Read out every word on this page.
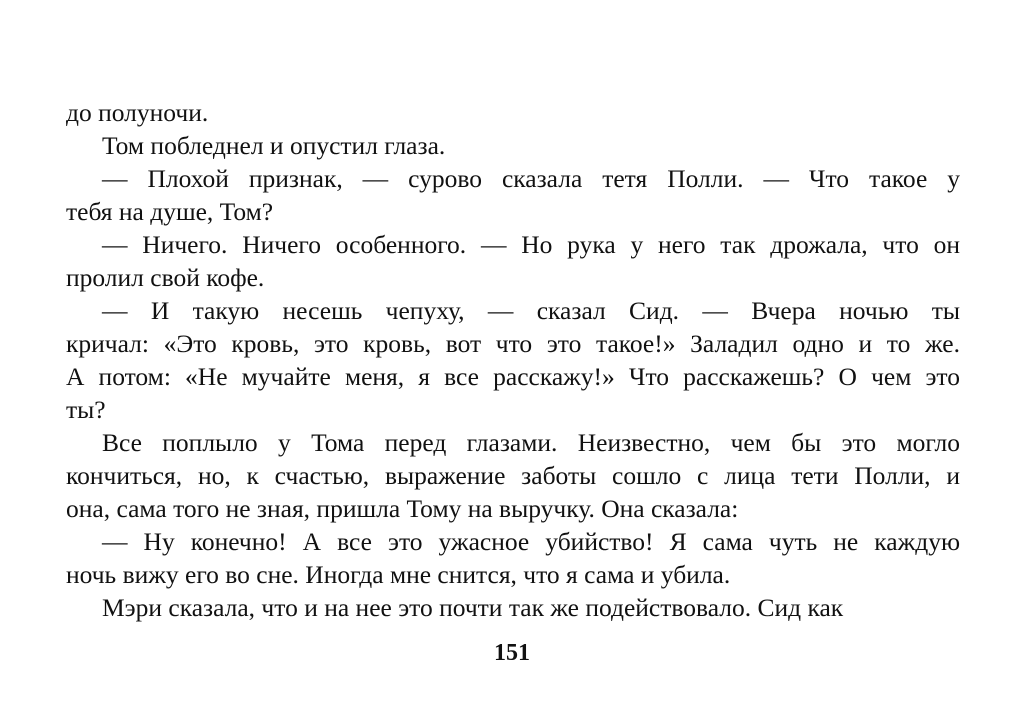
до полуночи.
Том побледнел и опустил глаза.
— Плохой признак, — сурово сказала тетя Полли. — Что такое у
тебя на душе, Том?
— Ничего. Ничего особенного. — Но рука у него так дрожала, что он
пролил свой кофе.
— И такую несешь чепуху, — сказал Сид. — Вчера ночью ты
кричал: «Это кровь, это кровь, вот что это такое!» Заладил одно и то же.
А потом: «Не мучайте меня, я все расскажу!» Что расскажешь? О чем это
ты?
Все поплыло у Тома перед глазами. Неизвестно, чем бы это могло
кончиться, но, к счастью, выражение заботы сошло с лица тети Полли, и
она, сама того не зная, пришла Тому на выручку. Она сказала:
— Ну конечно! А все это ужасное убийство! Я сама чуть не каждую
ночь вижу его во сне. Иногда мне снится, что я сама и убила.
Мэри сказала, что и на нее это почти так же подействовало. Сид как
151
